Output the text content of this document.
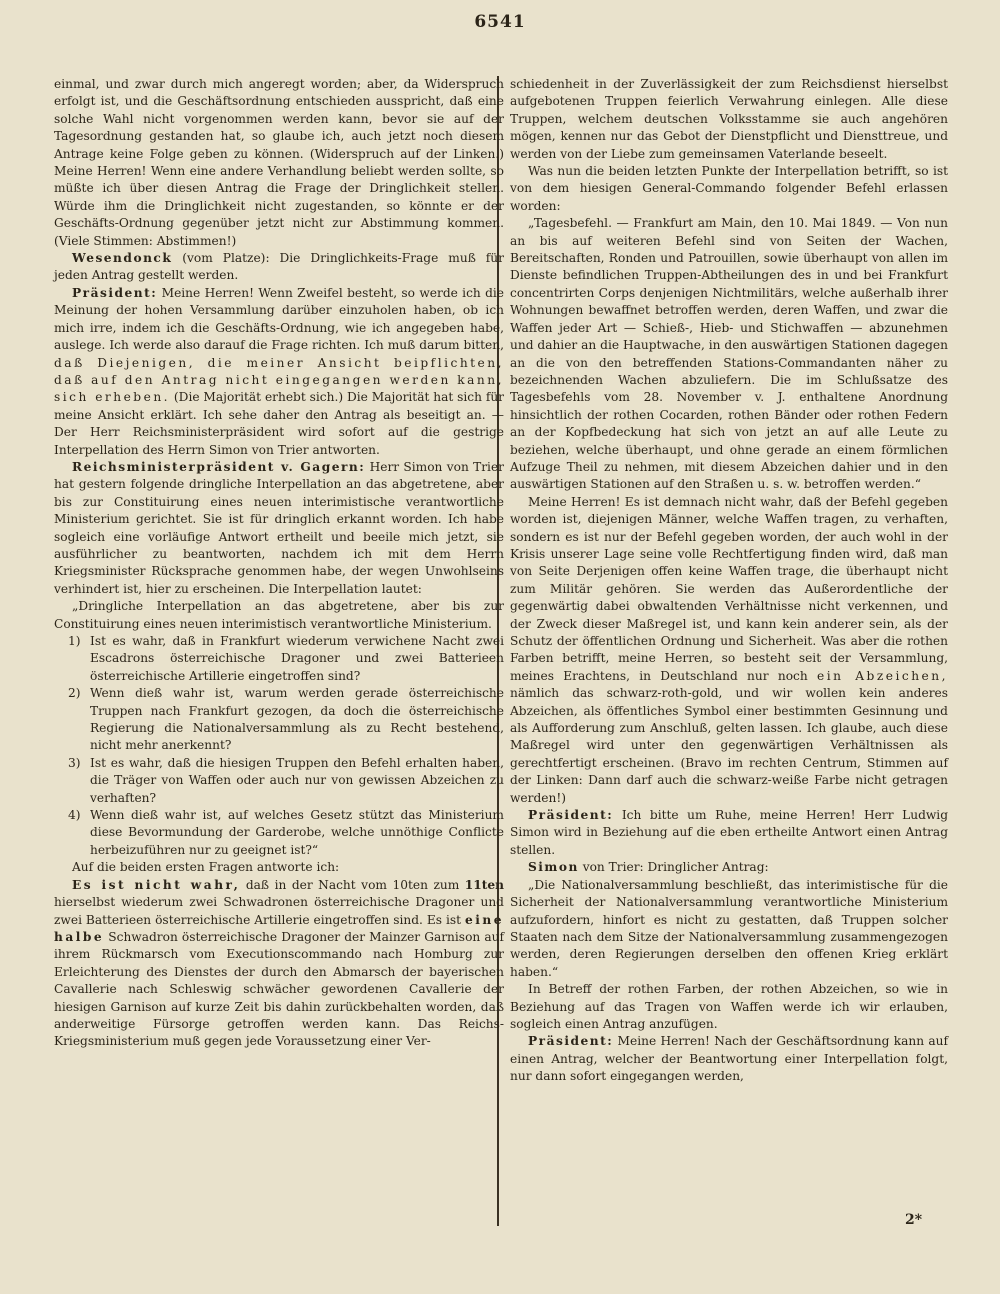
6541

einmal, und zwar durch mich angeregt worden; aber, da Widerspruch erfolgt ist, und die Geschäftsordnung entschieden ausspricht, daß eine solche Wahl nicht vorgenommen werden kann, bevor sie auf der Tagesordnung gestanden hat, so glaube ich, auch jetzt noch diesem Antrage keine Folge geben zu können. (Widerspruch auf der Linken.) Meine Herren! Wenn eine andere Verhandlung beliebt werden sollte, so müßte ich über diesen Antrag die Frage der Dringlichkeit stellen. Würde ihm die Dringlichkeit nicht zugestanden, so könnte er der Geschäfts-Ordnung gegenüber jetzt nicht zur Abstimmung kommen. (Viele Stimmen: Abstimmen!)

Wesendonck (vom Platze): Die Dringlichkeits-Frage muß für jeden Antrag gestellt werden.

Präsident: Meine Herren! Wenn Zweifel besteht, so werde ich die Meinung der hohen Versammlung darüber einzuholen haben, ob ich mich irre, indem ich die Geschäfts-Ordnung, wie ich angegeben habe, auslege. Ich werde also darauf die Frage richten. Ich muß darum bitten, daß Diejenigen, die meiner Ansicht beipflichten, daß auf den Antrag nicht eingegangen werden kann, sich erheben. (Die Majorität erhebt sich.) Die Majorität hat sich für meine Ansicht erklärt. Ich sehe daher den Antrag als beseitigt an. — Der Herr Reichsministerpräsident wird sofort auf die gestrige Interpellation des Herrn Simon von Trier antworten.

Reichsministerpräsident v. Gagern: Herr Simon von Trier hat gestern folgende dringliche Interpellation an das abgetretene, aber bis zur Constituirung eines neuen interimistische verantwortliche Ministerium gerichtet. Sie ist für dringlich erkannt worden. Ich habe sogleich eine vorläufige Antwort ertheilt und beeile mich jetzt, sie ausführlicher zu beantworten, nachdem ich mit dem Herrn Kriegsminister Rücksprache genommen habe, der wegen Unwohlseins verhindert ist, hier zu erscheinen. Die Interpellation lautet:

„Dringliche Interpellation an das abgetretene, aber bis zur Constituirung eines neuen interimistisch verantwortliche Ministerium.

1) Ist es wahr, daß in Frankfurt wiederum verwichene Nacht zwei Escadrons österreichische Dragoner und zwei Batterieen österreichische Artillerie eingetroffen sind?
2) Wenn dieß wahr ist, warum werden gerade österreichische Truppen nach Frankfurt gezogen, da doch die österreichische Regierung die Nationalversammlung als zu Recht bestehend, nicht mehr anerkennt?
3) Ist es wahr, daß die hiesigen Truppen den Befehl erhalten haben, die Träger von Waffen oder auch nur von gewissen Abzeichen zu verhaften?
4) Wenn dieß wahr ist, auf welches Gesetz stützt das Ministerium diese Bevormundung der Garderobe, welche unnöthige Conflicte herbeizuführen nur zu geeignet ist?“

Auf die beiden ersten Fragen antworte ich:

Es ist nicht wahr, daß in der Nacht vom 10ten zum 11ten hierselbst wiederum zwei Schwadronen österreichische Dragoner und zwei Batterieen österreichische Artillerie eingetroffen sind. Es ist eine halbe Schwadron österreichische Dragoner der Mainzer Garnison auf ihrem Rückmarsch vom Executionscommando nach Homburg zur Erleichterung des Dienstes der durch den Abmarsch der bayerischen Cavallerie nach Schleswig schwächer gewordenen Cavallerie der hiesigen Garnison auf kurze Zeit bis dahin zurückbehalten worden, daß anderweitige Fürsorge getroffen werden kann. Das Reichs-Kriegsministerium muß gegen jede Voraussetzung einer Ver-

schiedenheit in der Zuverlässigkeit der zum Reichsdienst hierselbst aufgebotenen Truppen feierlich Verwahrung einlegen. Alle diese Truppen, welchem deutschen Volksstamme sie auch angehören mögen, kennen nur das Gebot der Dienstpflicht und Diensttreue, und werden von der Liebe zum gemeinsamen Vaterlande beseelt.

Was nun die beiden letzten Punkte der Interpellation betrifft, so ist von dem hiesigen General-Commando folgender Befehl erlassen worden:

„Tagesbefehl. — Frankfurt am Main, den 10. Mai 1849. — Von nun an bis auf weiteren Befehl sind von Seiten der Wachen, Bereitschaften, Ronden und Patrouillen, sowie überhaupt von allen im Dienste befindlichen Truppen-Abtheilungen des in und bei Frankfurt concentrirten Corps denjenigen Nichtmilitärs, welche außerhalb ihrer Wohnungen bewaffnet betroffen werden, deren Waffen, und zwar die Waffen jeder Art — Schieß-, Hieb- und Stichwaffen — abzunehmen und dahier an die Hauptwache, in den auswärtigen Stationen dagegen an die von den betreffenden Stations-Commandanten näher zu bezeichnenden Wachen abzuliefern. Die im Schlußsatze des Tagesbefehls vom 28. November v. J. enthaltene Anordnung hinsichtlich der rothen Cocarden, rothen Bänder oder rothen Federn an der Kopfbedeckung hat sich von jetzt an auf alle Leute zu beziehen, welche überhaupt, und ohne gerade an einem förmlichen Aufzuge Theil zu nehmen, mit diesem Abzeichen dahier und in den auswärtigen Stationen auf den Straßen u. s. w. betroffen werden.“

Meine Herren! Es ist demnach nicht wahr, daß der Befehl gegeben worden ist, diejenigen Männer, welche Waffen tragen, zu verhaften, sondern es ist nur der Befehl gegeben worden, der auch wohl in der Krisis unserer Lage seine volle Rechtfertigung finden wird, daß man von Seite Derjenigen offen keine Waffen trage, die überhaupt nicht zum Militär gehören. Sie werden das Außerordentliche der gegenwärtig dabei obwaltenden Verhältnisse nicht verkennen, und der Zweck dieser Maßregel ist, und kann kein anderer sein, als der Schutz der öffentlichen Ordnung und Sicherheit. Was aber die rothen Farben betrifft, meine Herren, so besteht seit der Versammlung, meines Erachtens, in Deutschland nur noch ein Abzeichen, nämlich das schwarz-roth-gold, und wir wollen kein anderes Abzeichen, als öffentliches Symbol einer bestimmten Gesinnung und als Aufforderung zum Anschluß, gelten lassen. Ich glaube, auch diese Maßregel wird unter den gegenwärtigen Verhältnissen als gerechtfertigt erscheinen. (Bravo im rechten Centrum, Stimmen auf der Linken: Dann darf auch die schwarz-weiße Farbe nicht getragen werden!)

Präsident: Ich bitte um Ruhe, meine Herren! Herr Ludwig Simon wird in Beziehung auf die eben ertheilte Antwort einen Antrag stellen.

Simon von Trier: Dringlicher Antrag:

„Die Nationalversammlung beschließt, das interimistische für die Sicherheit der Nationalversammlung verantwortliche Ministerium aufzufordern, hinfort es nicht zu gestatten, daß Truppen solcher Staaten nach dem Sitze der Nationalversammlung zusammengezogen werden, deren Regierungen derselben den offenen Krieg erklärt haben.“

In Betreff der rothen Farben, der rothen Abzeichen, so wie in Beziehung auf das Tragen von Waffen werde ich wir erlauben, sogleich einen Antrag anzufügen.

Präsident: Meine Herren! Nach der Geschäftsordnung kann auf einen Antrag, welcher der Beantwortung einer Interpellation folgt, nur dann sofort eingegangen werden,

2*
